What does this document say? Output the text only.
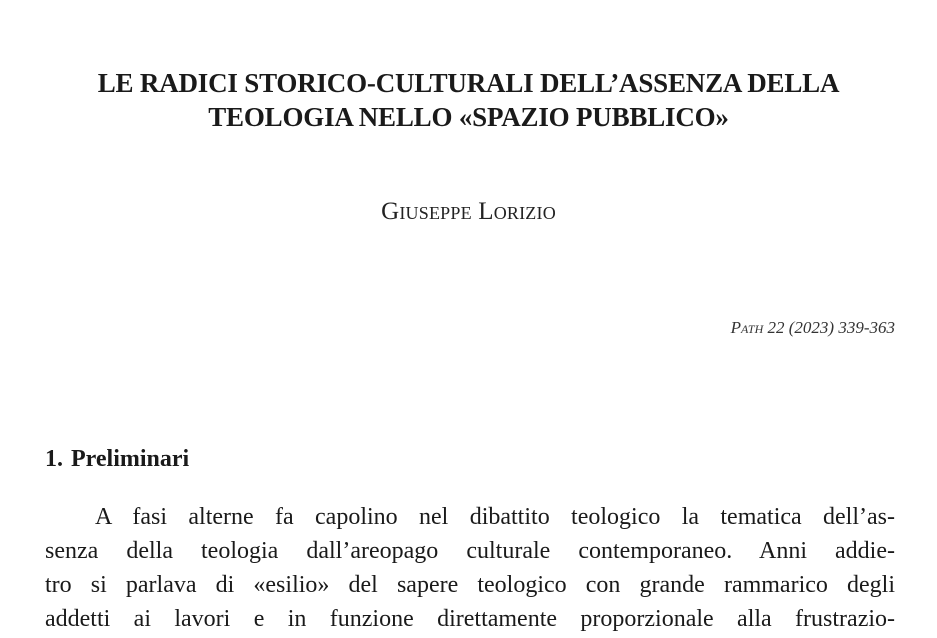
LE RADICI STORICO-CULTURALI DELL’ASSENZA DELLA
TEOLOGIA NELLO «SPAZIO PUBBLICO»
Giuseppe Lorizio
Path 22 (2023) 339-363
1. Preliminari
A fasi alterne fa capolino nel dibattito teologico la tematica dell’as-
senza della teologia dall’areopago culturale contemporaneo. Anni addie-
tro si parlava di «esilio» del sapere teologico con grande rammarico degli
addetti ai lavori e in funzione direttamente proporzionale alla frustrazio-
